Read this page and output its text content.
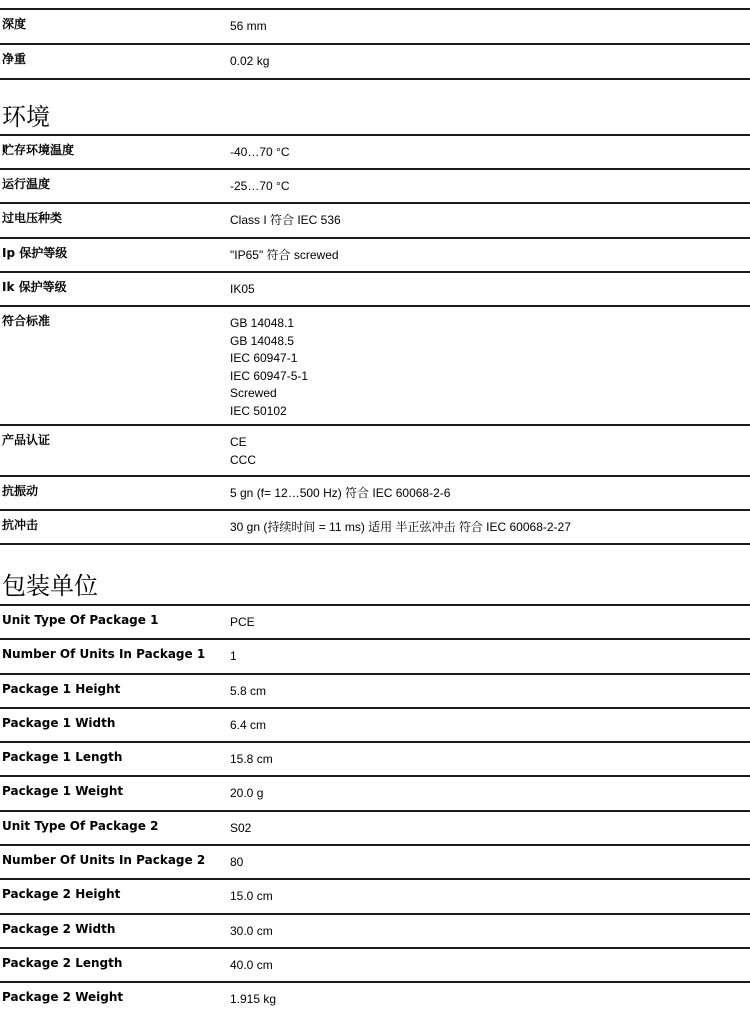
深度	56 mm
净重	0.02 kg
环境
贮存环境温度	-40…70 °C
运行温度	-25…70 °C
过电压种类	Class I 符合 IEC 536
Ip 保护等级	"IP65" 符合 screwed
Ik 保护等级	IK05
符合标准	GB 14048.1
GB 14048.5
IEC 60947-1
IEC 60947-5-1
Screwed
IEC 50102
产品认证	CE
CCC
抗振动	5 gn (f= 12…500 Hz) 符合 IEC 60068-2-6
抗冲击	30 gn (持续时间 = 11 ms) 适用 半正弦冲击 符合 IEC 60068-2-27
包装单位
Unit Type Of Package 1	PCE
Number Of Units In Package 1	1
Package 1 Height	5.8 cm
Package 1 Width	6.4 cm
Package 1 Length	15.8 cm
Package 1 Weight	20.0 g
Unit Type Of Package 2	S02
Number Of Units In Package 2	80
Package 2 Height	15.0 cm
Package 2 Width	30.0 cm
Package 2 Length	40.0 cm
Package 2 Weight	1.915 kg
